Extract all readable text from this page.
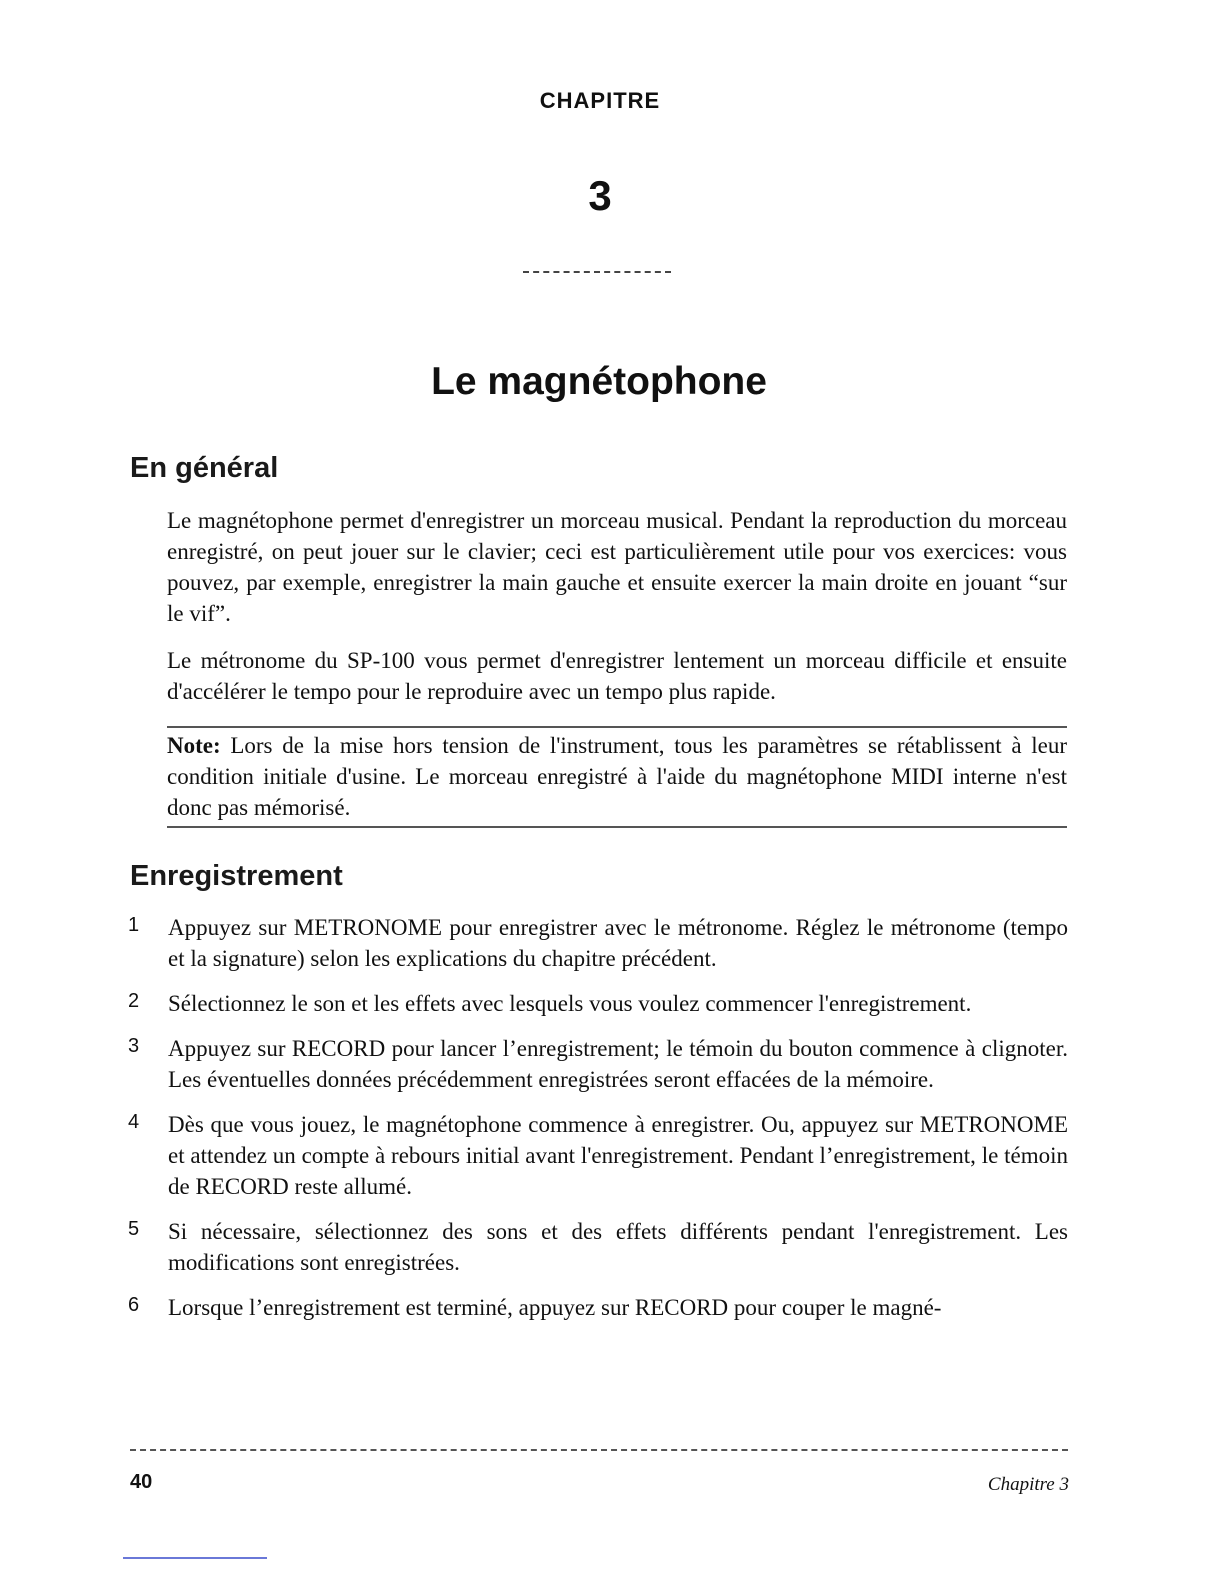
CHAPITRE
3
Le magnétophone
En général

Le magnétophone permet d'enregistrer un morceau musical. Pendant la reproduction du morceau enregistré, on peut jouer sur le clavier; ceci est particulièrement utile pour vos exercices: vous pouvez, par exemple, enregistrer la main gauche et ensuite exercer la main droite en jouant “sur le vif”.

Le métronome du SP-100 vous permet d'enregistrer lentement un morceau difficile et ensuite d'accélérer le tempo pour le reproduire avec un tempo plus rapide.

Note: Lors de la mise hors tension de l'instrument, tous les paramètres se rétablissent à leur condition initiale d'usine. Le morceau enregistré à l'aide du magnétophone MIDI interne n'est donc pas mémorisé.
Enregistrement
1	Appuyez sur METRONOME pour enregistrer avec le métronome. Réglez le métronome (tempo et la signature) selon les explications du chapitre précédent.
2	Sélectionnez le son et les effets avec lesquels vous voulez commencer l'enregistrement.
3	Appuyez sur RECORD pour lancer l’enregistrement; le témoin du bouton commence à clignoter. Les éventuelles données précédemment enregistrées seront effacées de la mémoire.
4	Dès que vous jouez, le magnétophone commence à enregistrer. Ou, appuyez sur METRONOME et attendez un compte à rebours initial avant l'enregistrement. Pendant l’enregistrement, le témoin de RECORD reste allumé.
5	Si nécessaire, sélectionnez des sons et des effets différents pendant l'enregistrement. Les modifications sont enregistrées.
6	Lorsque l’enregistrement est terminé, appuyez sur RECORD pour couper le magné-
40	Chapitre 3
